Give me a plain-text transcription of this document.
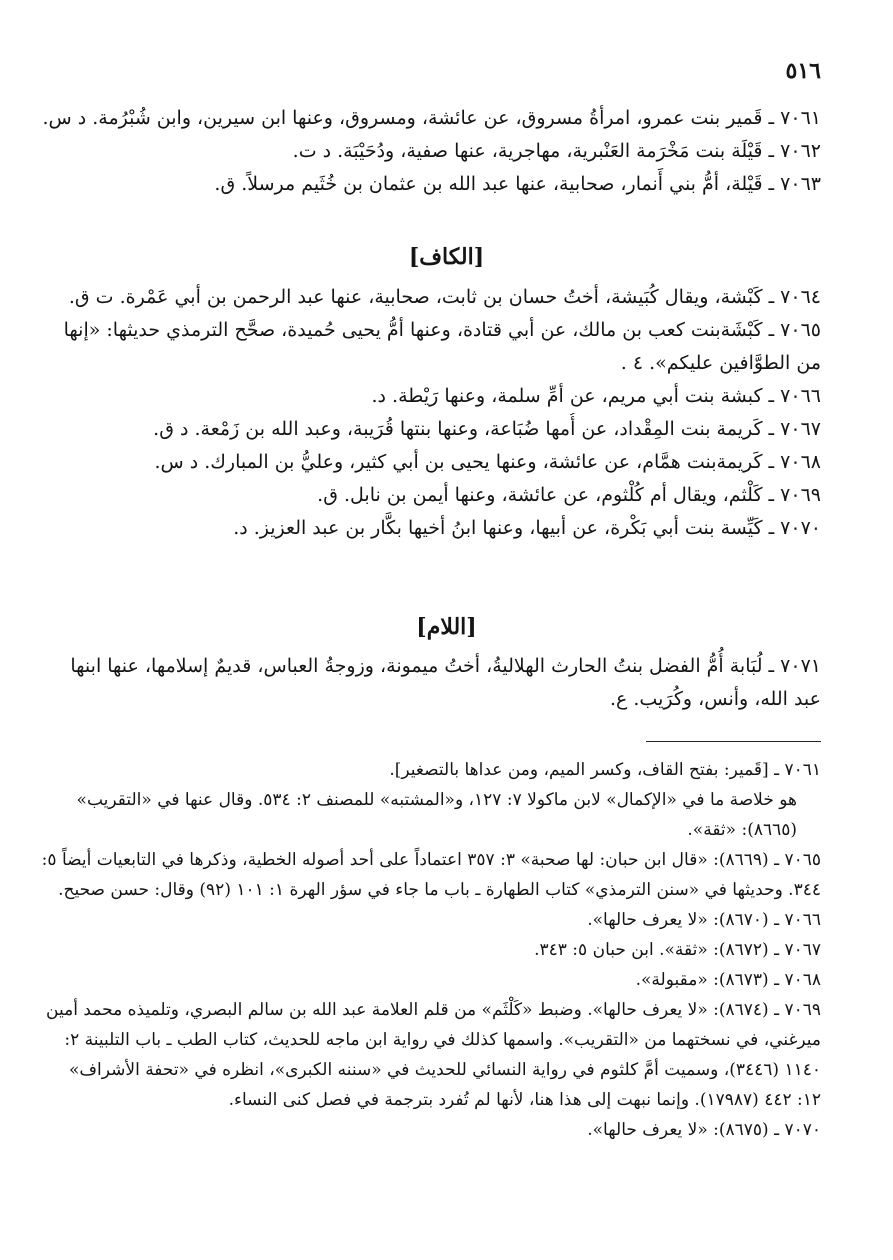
٥١٦

٧٠٦١ ـ قَمير بنت عمرو، امرأةُ مسروق، عن عائشة، ومسروق، وعنها ابن سيرين، وابن شُبْرُمة. د س.

٧٠٦٢ ـ قَيْلَة بنت مَخْرَمة العَنْبرية، مهاجرية، عنها صفية، ودُحَيْبَة. د ت.

٧٠٦٣ ـ قَيْلة، أمُّ بني أَنمار، صحابية، عنها عبد الله بن عثمان بن خُثَيم مرسلاً. ق.

[الكاف]

٧٠٦٤ ـ كَبْشة، ويقال كُبَيشة، أختُ حسان بن ثابت، صحابية، عنها عبد الرحمن بن أبي عَمْرة. ت ق.

٧٠٦٥ ـ كَبْشَةبنت كعب بن مالك، عن أبي قتادة، وعنها أمُّ يحيى حُميدة، صحَّح الترمذي حديثها: «إنها من الطوَّافين عليكم». ٤ .

٧٠٦٦ ـ كبشة بنت أبي مريم، عن أمِّ سلمة، وعنها رَيْطة. د.

٧٠٦٧ ـ كَريمة بنت المِقْداد، عن أُمها ضُبَاعة، وعنها بنتها قُرَيبة، وعبد الله بن زَمْعة. د ق.

٧٠٦٨ ـ كَريمةبنت همَّام، عن عائشة، وعنها يحيى بن أبي كثير، وعليُّ بن المبارك. د س.

٧٠٦٩ ـ كَلْثم، ويقال أم كُلْثوم، عن عائشة، وعنها أيمن بن نابل. ق.

٧٠٧٠ ـ كَيِّسة بنت أبي بَكْرة، عن أبيها، وعنها ابنُ أخيها بكَّار بن عبد العزيز. د.

[اللام]

٧٠٧١ ـ لُبَابة أُمُّ الفضل بنتُ الحارث الهلاليةُ، أختُ ميمونة، وزوجةُ العباس، قديمٌ إسلامها، عنها ابنها عبد الله، وأنس، وكُرَيب. ع.

٧٠٦١ ـ [قَمير: بفتح القاف، وكسر الميم، ومن عداها بالتصغير].

هو خلاصة ما في «الإكمال» لابن ماكولا ٧: ١٢٧، و«المشتبه» للمصنف ٢: ٥٣٤. وقال عنها في «التقريب» (٨٦٦٥): «ثقة».

٧٠٦٥ ـ (٨٦٦٩): «قال ابن حبان: لها صحبة» ٣: ٣٥٧ اعتماداً على أحد أصوله الخطية، وذكرها في التابعيات أيضاً ٥: ٣٤٤. وحديثها في «سنن الترمذي» كتاب الطهارة ـ باب ما جاء في سؤر الهرة ١: ١٠١ (٩٢) وقال: حسن صحيح.

٧٠٦٦ ـ (٨٦٧٠): «لا يعرف حالها».

٧٠٦٧ ـ (٨٦٧٢): «ثقة». ابن حبان ٥: ٣٤٣.

٧٠٦٨ ـ (٨٦٧٣): «مقبولة».

٧٠٦٩ ـ (٨٦٧٤): «لا يعرف حالها». وضبط «كَلْثَم» من قلم العلامة عبد الله بن سالم البصري، وتلميذه محمد أمين ميرغني، في نسختهما من «التقريب». واسمها كذلك في رواية ابن ماجه للحديث، كتاب الطب ـ باب التلبينة ٢: ١١٤٠ (٣٤٤٦)، وسميت أمَّ كلثوم في رواية النسائي للحديث في «سننه الكبرى»، انظره في «تحفة الأشراف» ١٢: ٤٤٢ (١٧٩٨٧). وإنما نبهت إلى هذا هنا، لأنها لم تُفرد بترجمة في فصل كنى النساء.

٧٠٧٠ ـ (٨٦٧٥): «لا يعرف حالها».
